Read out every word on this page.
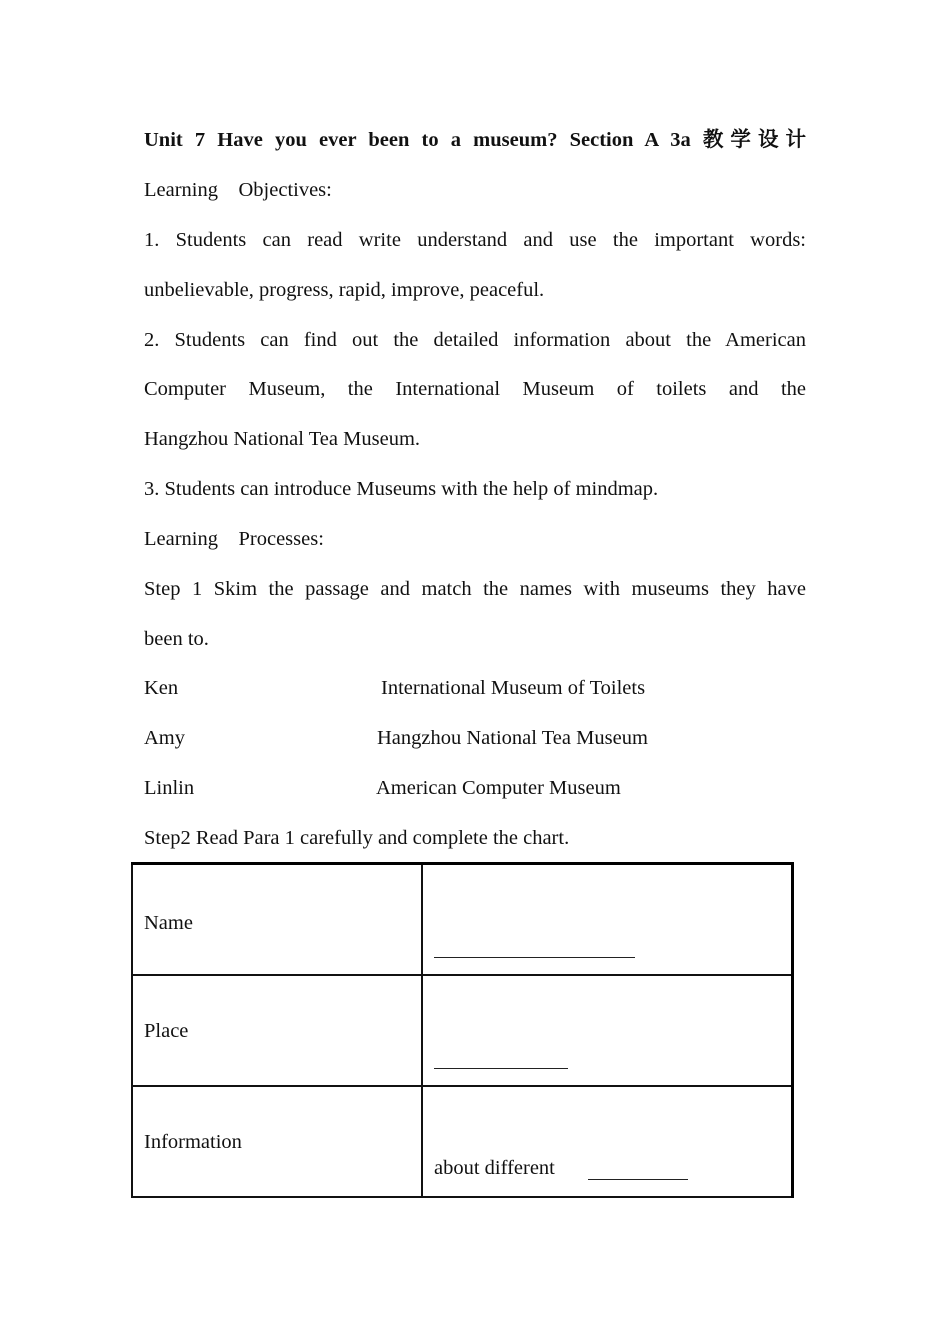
Unit 7 Have you ever been to a museum? Section A 3a 教学设计
Learning    Objectives:
1. Students can read write understand and use the important words:
unbelievable, progress, rapid, improve, peaceful.
2. Students can find out the detailed information about the American
Computer Museum, the International Museum of toilets and the
Hangzhou National Tea Museum.
3. Students can introduce Museums with the help of mindmap.
Learning    Processes:
Step 1 Skim the passage and match the names with museums they have
been to.
Ken	International Museum of Toilets
Amy	Hangzhou National Tea Museum
Linlin	American Computer Museum
Step2 Read Para 1 carefully and complete the chart.
Name	

Place	

Information	about different
